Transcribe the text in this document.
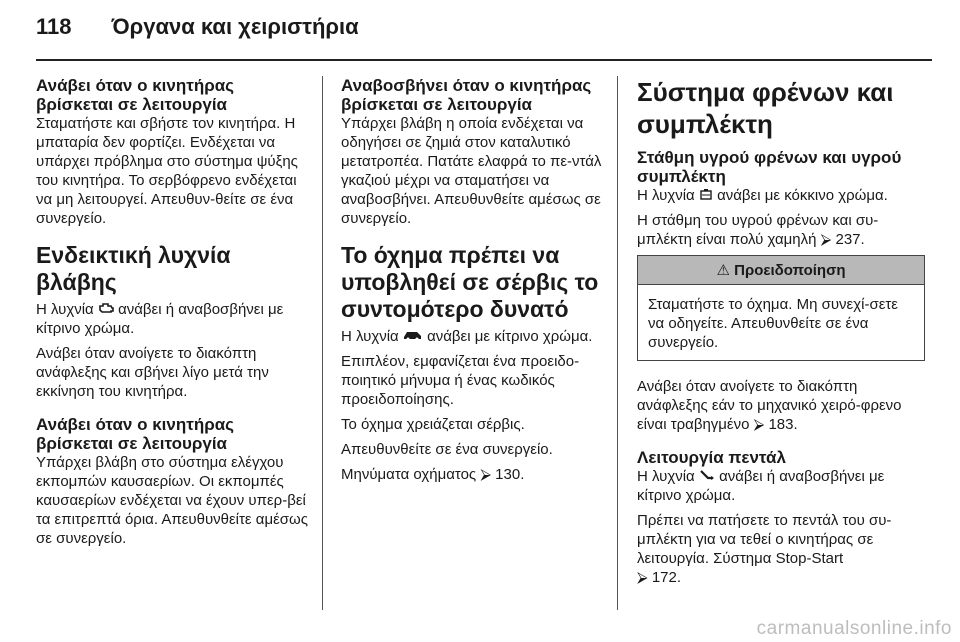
118 Όργανα και χειριστήρια
Ανάβει όταν ο κινητήρας βρίσκεται σε λειτουργία

Σταματήστε και σβήστε τον κινητήρα. Η μπαταρία δεν φορτίζει. Ενδέχεται να υπάρχει πρόβλημα στο σύστημα ψύξης του κινητήρα. Το σερβόφρενο ενδέχεται να μη λειτουργεί. Απευθυν-θείτε σε ένα συνεργείο.

Ενδεικτική λυχνία βλάβης

Η λυχνία ανάβει ή αναβοσβήνει με κίτρινο χρώμα.

Ανάβει όταν ανοίγετε το διακόπτη ανάφλεξης και σβήνει λίγο μετά την εκκίνηση του κινητήρα.

Ανάβει όταν ο κινητήρας βρίσκεται σε λειτουργία

Υπάρχει βλάβη στο σύστημα ελέγχου εκπομπών καυσαερίων. Οι εκπομπές καυσαερίων ενδέχεται να έχουν υπερ-βεί τα επιτρεπτά όρια. Απευθυνθείτε αμέσως σε συνεργείο.

Αναβοσβήνει όταν ο κινητήρας βρίσκεται σε λειτουργία

Υπάρχει βλάβη η οποία ενδέχεται να οδηγήσει σε ζημιά στον καταλυτικό μετατροπέα. Πατάτε ελαφρά το πε-ντάλ γκαζιού μέχρι να σταματήσει να αναβοσβήνει. Απευθυνθείτε αμέσως σε συνεργείο.

Το όχημα πρέπει να υποβληθεί σε σέρβις το συντομότερο δυνατό

Η λυχνία ανάβει με κίτρινο χρώμα.

Επιπλέον, εμφανίζεται ένα προειδο-ποιητικό μήνυμα ή ένας κωδικός προειδοποίησης.

Το όχημα χρειάζεται σέρβις.

Απευθυνθείτε σε ένα συνεργείο.

Μηνύματα οχήματος ⮚ 130.

Σύστημα φρένων και συμπλέκτη
Στάθμη υγρού φρένων και υγρού συμπλέκτη

Η λυχνία ανάβει με κόκκινο χρώμα.

Η στάθμη του υγρού φρένων και συ-μπλέκτη είναι πολύ χαμηλή ⮚ 237.

⚠ Προειδοποίηση

Σταματήστε το όχημα. Μη συνεχί-σετε να οδηγείτε. Απευθυνθείτε σε ένα συνεργείο.

Ανάβει όταν ανοίγετε το διακόπτη ανάφλεξης εάν το μηχανικό χειρό-φρενο είναι τραβηγμένο ⮚ 183.

Λειτουργία πεντάλ

Η λυχνία ανάβει ή αναβοσβήνει με κίτρινο χρώμα.

Πρέπει να πατήσετε το πεντάλ του συ-μπλέκτη για να τεθεί ο κινητήρας σε λειτουργία. Σύστημα Stop-Start
⮚ 172.

carmanualsonline.info
